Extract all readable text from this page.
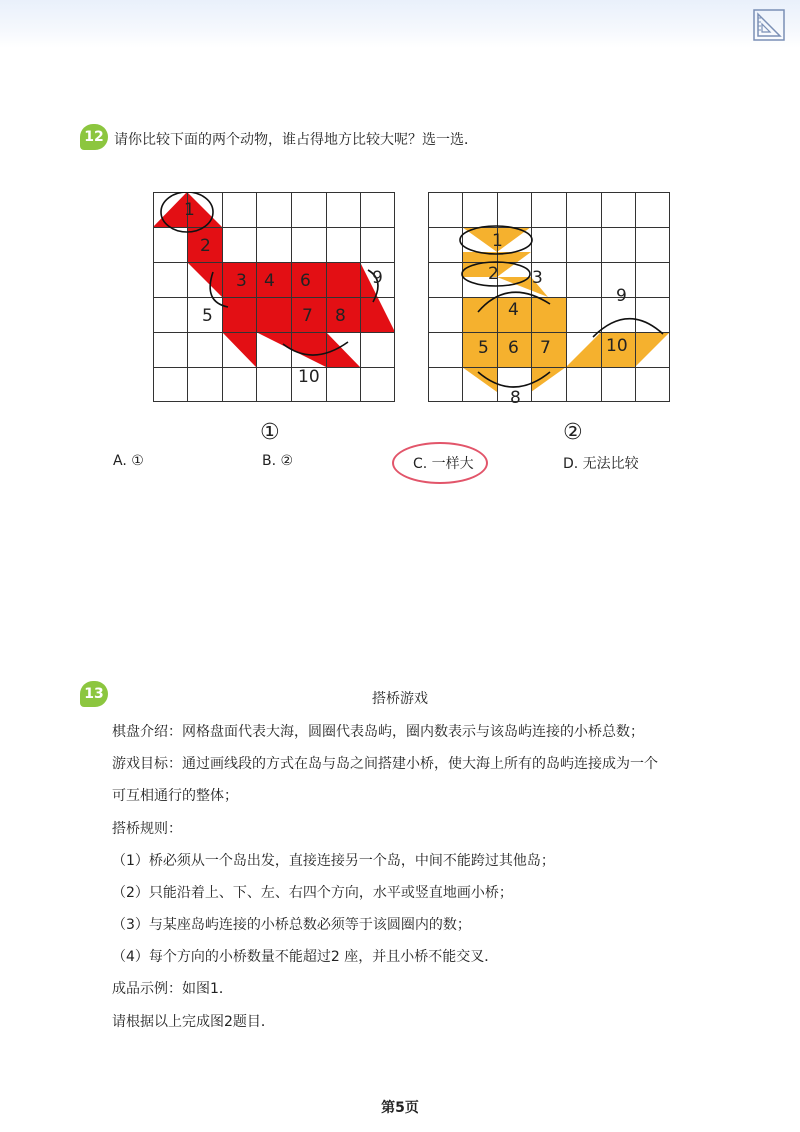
12 请你比较下面的两个动物，谁占得地方比较大呢？选一选．
1
2
3 4 6
5	7 8
9
10
1
2 3
4
5 6 7
8
9
10
①	②
A. ①	B. ②	C. 一样大	D. 无法比较
13	搭桥游戏
棋盘介绍：网格盘面代表大海，圆圈代表岛屿，圈内数表示与该岛屿连接的小桥总数；
游戏目标：通过画线段的方式在岛与岛之间搭建小桥，使大海上所有的岛屿连接成为一个
可互相通行的整体；
搭桥规则：
（1）桥必须从一个岛出发，直接连接另一个岛，中间不能跨过其他岛；
（2）只能沿着上、下、左、右四个方向，水平或竖直地画小桥；
（3）与某座岛屿连接的小桥总数必须等于该圆圈内的数；
（4）每个方向的小桥数量不能超过2 座，并且小桥不能交叉．
成品示例：如图1．
请根据以上完成图2题目．
第5页
